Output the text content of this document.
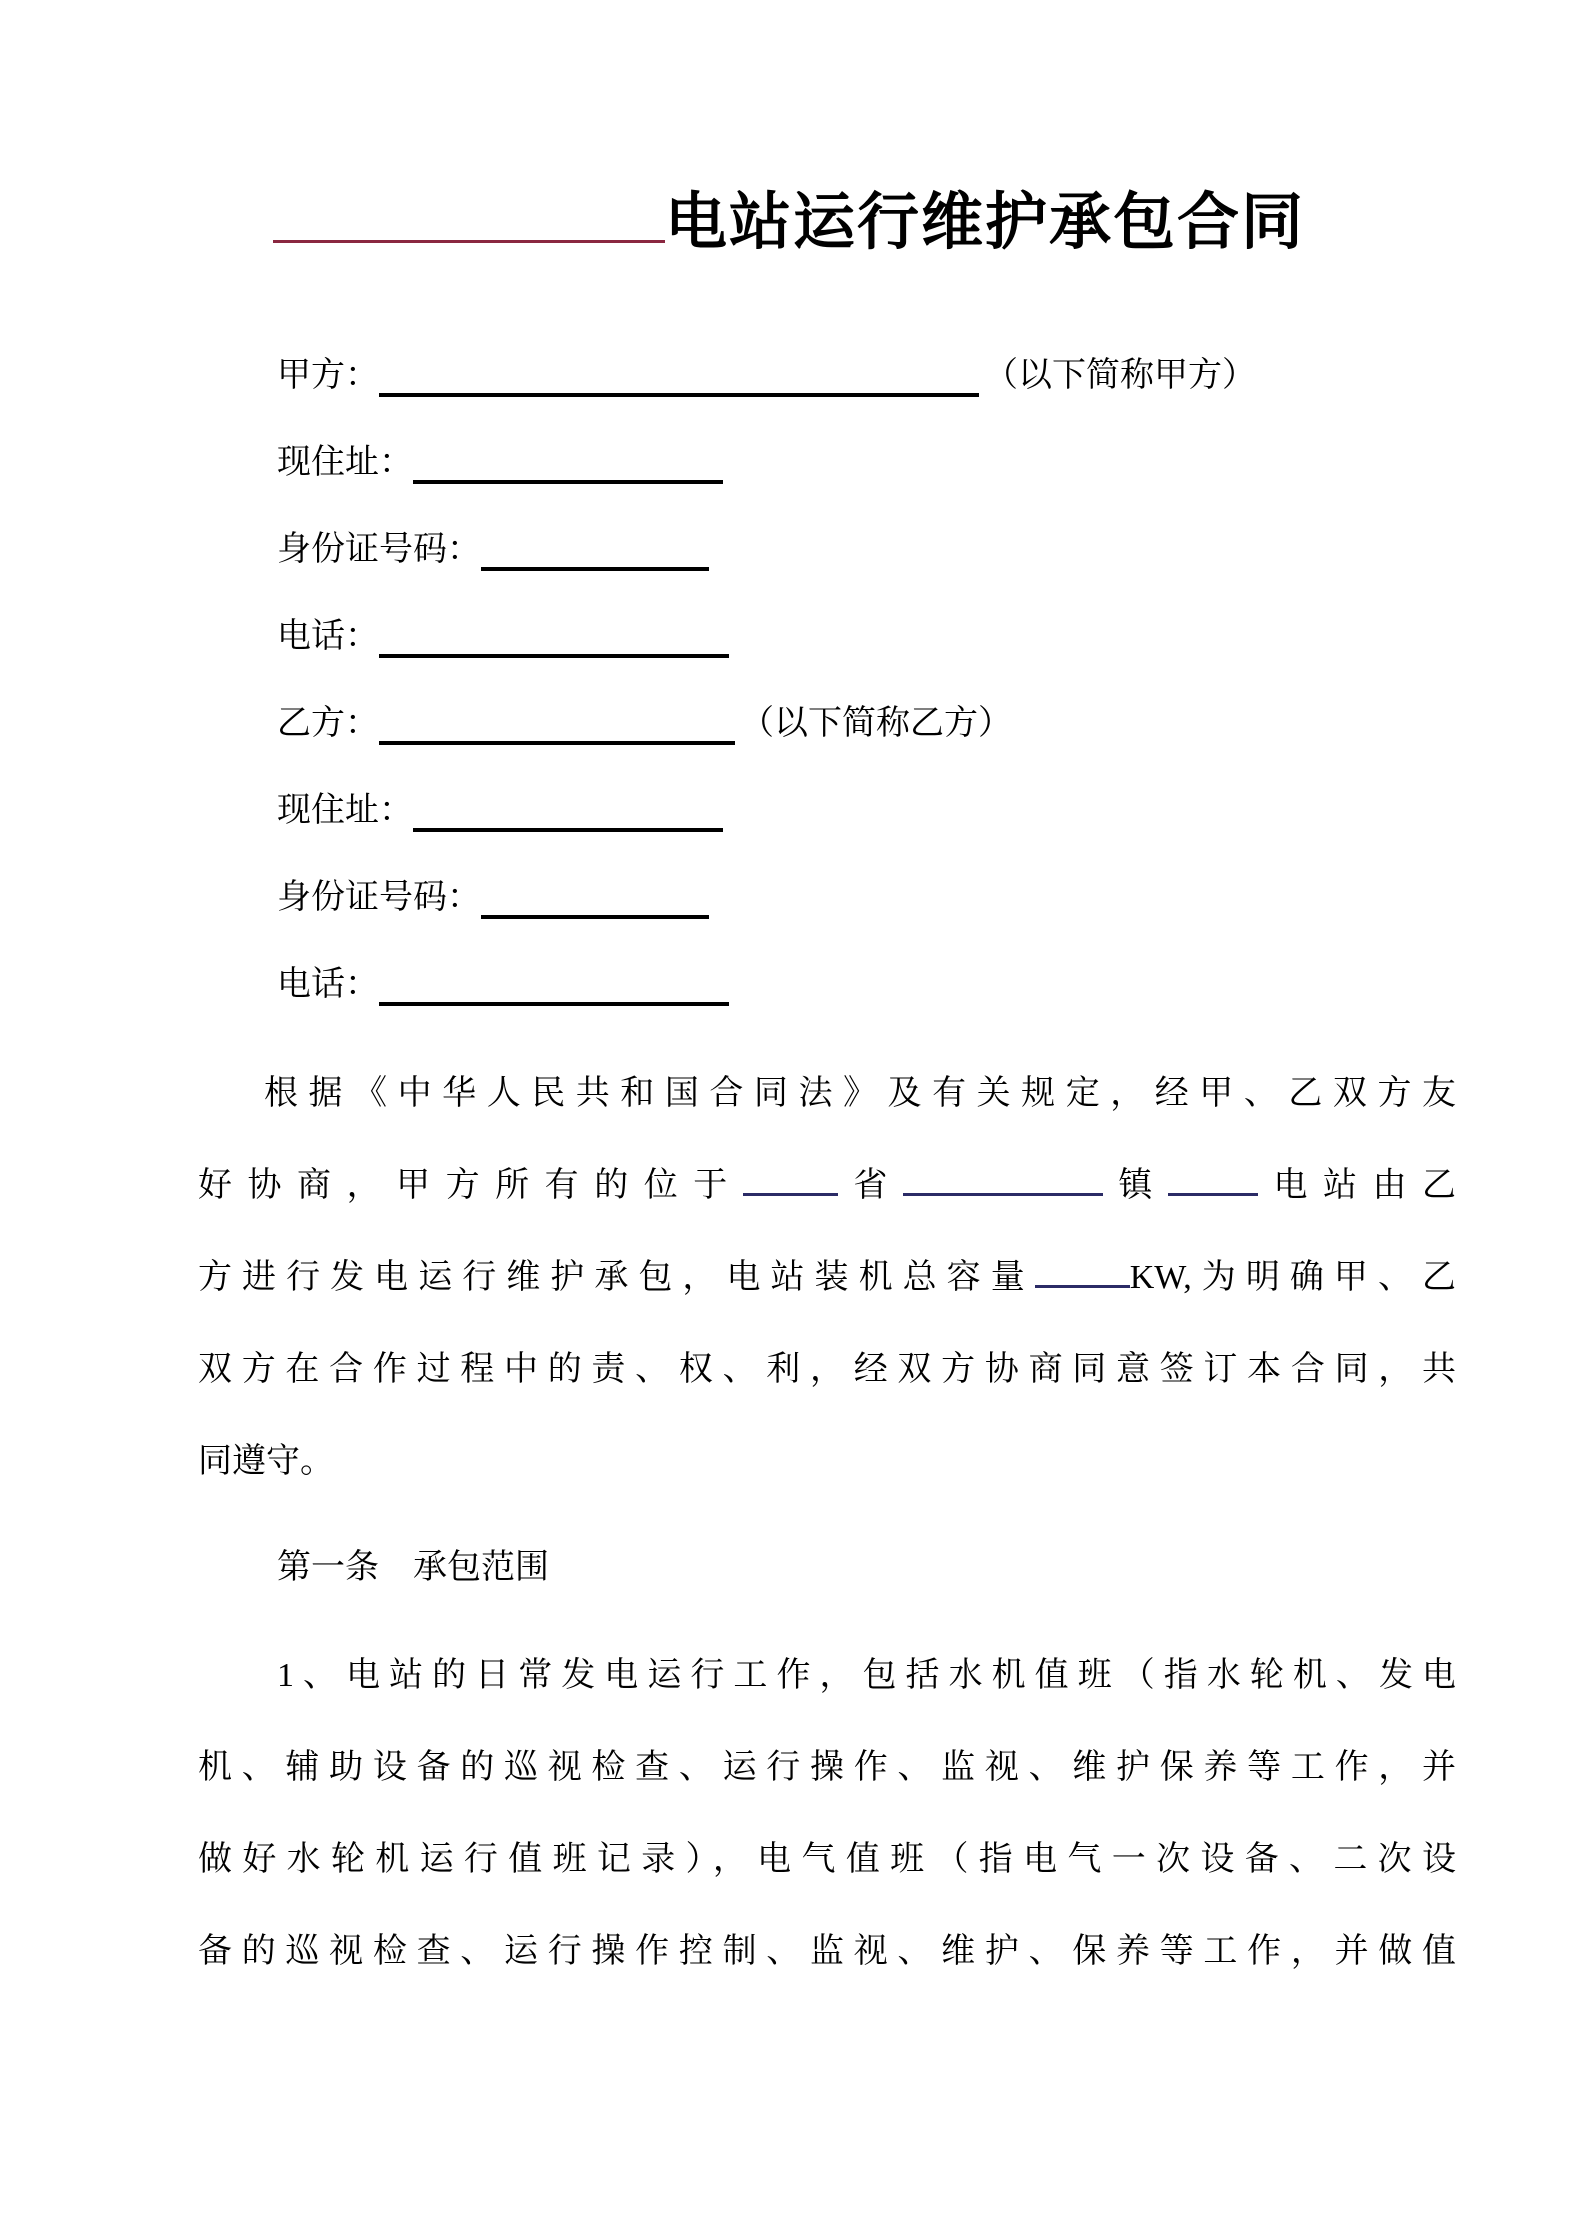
电站运行维护承包合同
甲方：	（以下简称甲方）
现住址：
身份证号码：
电话：
乙方：	（以下简称乙方）
现住址：
身份证号码：
电话：
根据《中华人民共和国合同法》及有关规定，经甲、乙双方友
好协商，甲方所有的位于	省	镇	电站由乙
方进行发电运行维护承包，电站装机总容量	KW,为明确甲、乙
双方在合作过程中的责、权、利，经双方协商同意签订本合同，共
同遵守。
第一条　承包范围
1、电站的日常发电运行工作，包括水机值班（指水轮机、发电
机、辅助设备的巡视检查、运行操作、监视、维护保养等工作，并
做好水轮机运行值班记录），电气值班（指电气一次设备、二次设
备的巡视检查、运行操作控制、监视、维护、保养等工作，并做值
